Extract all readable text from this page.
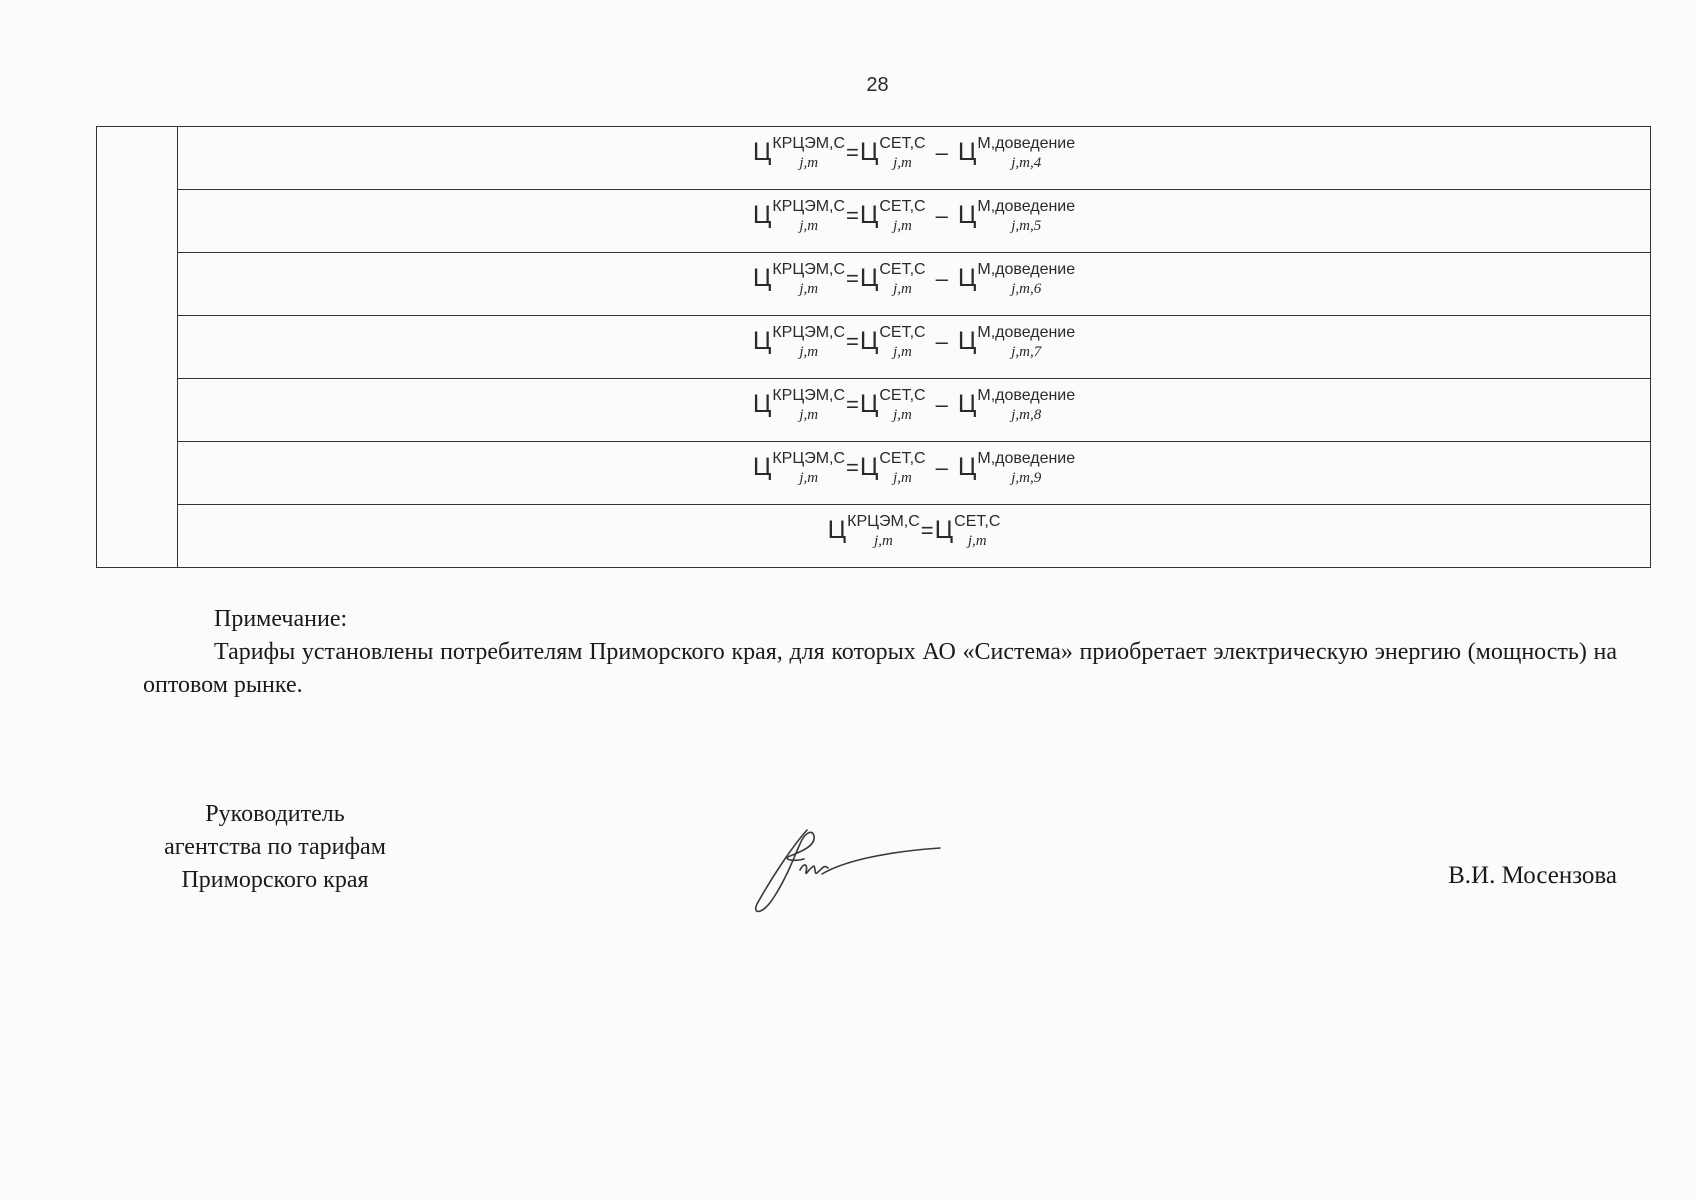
28

Ц КРЦЭМ,С
j,m	= Ц СЕТ,С
j,m	– Ц М,доведение
j,m,4

Ц КРЦЭМ,С
j,m	= Ц СЕТ,С
j,m	– Ц М,доведение
j,m,5

Ц КРЦЭМ,С
j,m	= Ц СЕТ,С
j,m	– Ц М,доведение
j,m,6

Ц КРЦЭМ,С
j,m	= Ц СЕТ,С
j,m	– Ц М,доведение
j,m,7

Ц КРЦЭМ,С
j,m	= Ц СЕТ,С
j,m	– Ц М,доведение
j,m,8

Ц КРЦЭМ,С
j,m	= Ц СЕТ,С
j,m	– Ц М,доведение
j,m,9

Ц КРЦЭМ,С
j,m	= Ц СЕТ,С
j,m

Примечание:

Тарифы установлены потребителям Приморского края, для которых АО «Система» приобретает электрическую энергию (мощность) на оптовом рынке.

Руководитель
агентства по тарифам
Приморского края	В.И. Мосензова
